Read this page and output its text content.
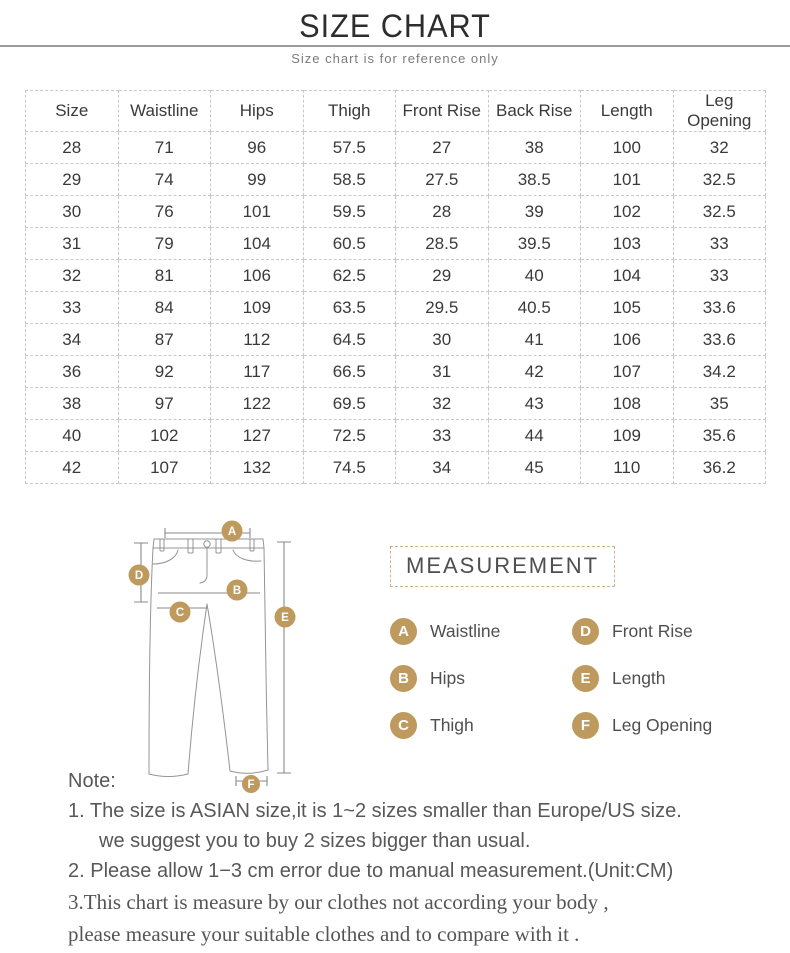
SIZE CHART

Size chart is for reference only

Size	Waistline	Hips	Thigh	Front Rise	Back Rise	Length	Leg Opening
28	71	96	57.5	27	38	100	32
29	74	99	58.5	27.5	38.5	101	32.5
30	76	101	59.5	28	39	102	32.5
31	79	104	60.5	28.5	39.5	103	33
32	81	106	62.5	29	40	104	33
33	84	109	63.5	29.5	40.5	105	33.6
34	87	112	64.5	30	41	106	33.6
36	92	117	66.5	31	42	107	34.2
38	97	122	69.5	32	43	108	35
40	102	127	72.5	33	44	109	35.6
42	107	132	74.5	34	45	110	36.2
A
D
B
E
C
F
MEASUREMENT
A	Waistline	D	Front Rise
B	Hips	E	Length
C	Thigh	F	Leg Opening
Note:

1. The size is ASIAN size,it is 1~2 sizes smaller than Europe/US size.

we suggest you to buy 2 sizes bigger than usual.

2. Please allow 1−3 cm error due to manual measurement.(Unit:CM)

3.This chart is measure by our clothes not according your body ,

please measure your suitable clothes and to compare with it .
